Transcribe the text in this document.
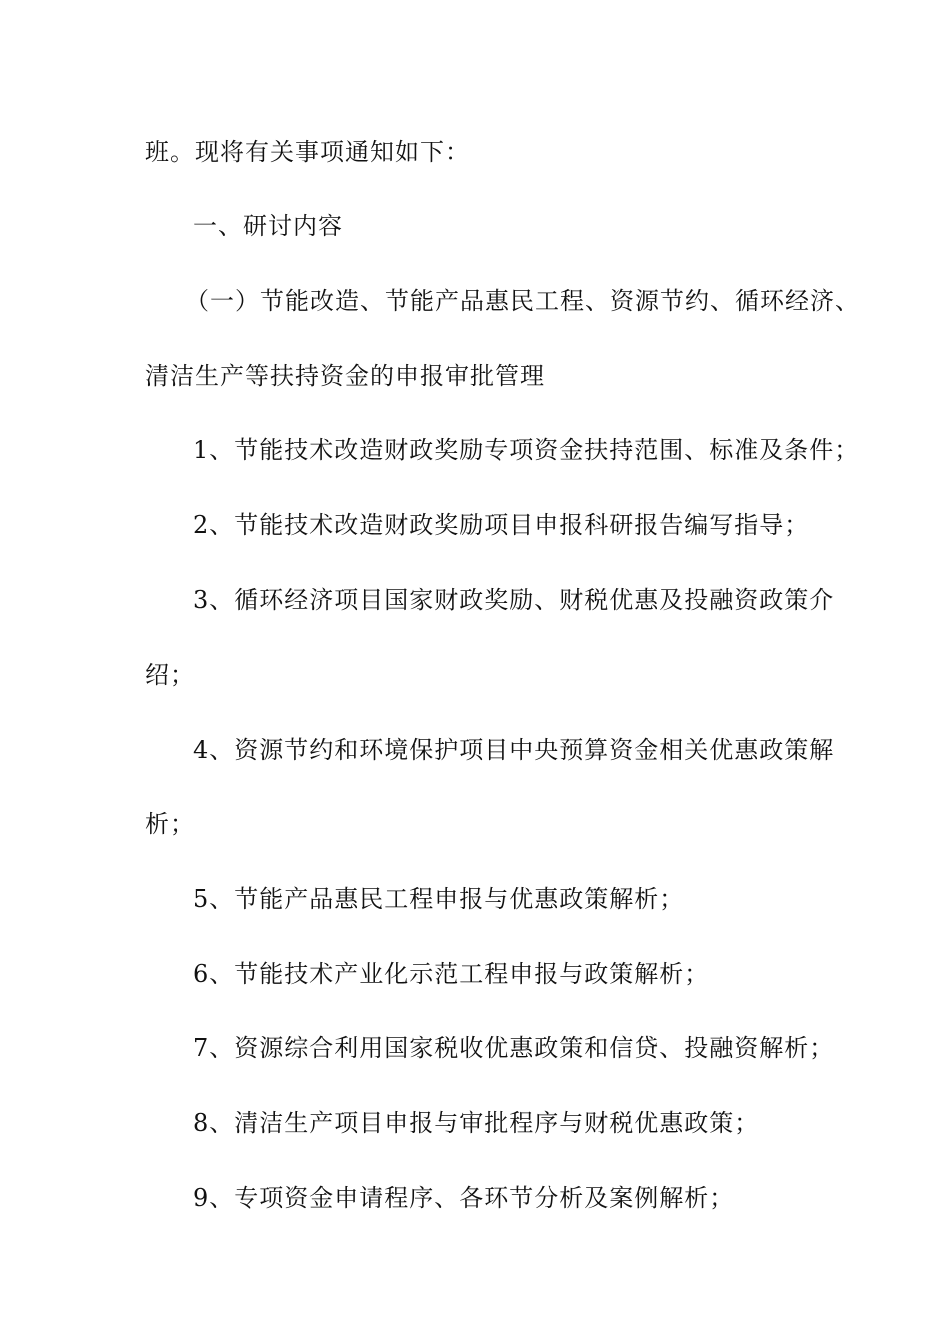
班。现将有关事项通知如下：
一、研讨内容
（一）节能改造、节能产品惠民工程、资源节约、循环经济、
清洁生产等扶持资金的申报审批管理
1、节能技术改造财政奖励专项资金扶持范围、标准及条件；
2、节能技术改造财政奖励项目申报科研报告编写指导；
3、循环经济项目国家财政奖励、财税优惠及投融资政策介
绍；
4、资源节约和环境保护项目中央预算资金相关优惠政策解
析；
5、节能产品惠民工程申报与优惠政策解析；
6、节能技术产业化示范工程申报与政策解析；
7、资源综合利用国家税收优惠政策和信贷、投融资解析；
8、清洁生产项目申报与审批程序与财税优惠政策；
9、专项资金申请程序、各环节分析及案例解析；
